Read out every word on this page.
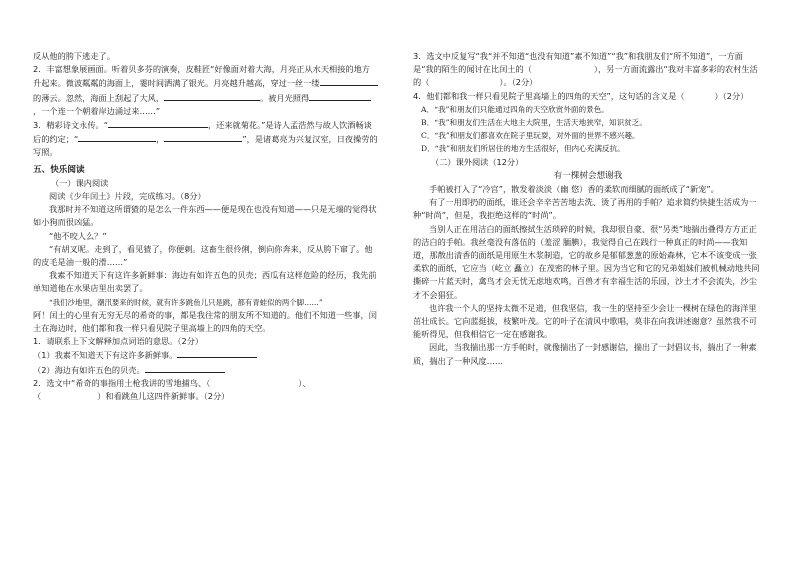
反从他的胯下逃走了。

2．丰富想象展画面。听着贝多芬的演奏，皮鞋匠“好像面对着大海，月亮正从水天相接的地方升起来。微波粼粼的海面上，霎时间洒满了银光。月亮越升越高，穿过一丝一缕的薄云。忽然，海面上刮起了大风，	。被月光照得，一个连一个朝着岸边涌过来……”

3．精彩诗文永传。“	，还来就菊花。”是诗人孟浩然与故人饮酒畅谈后的约定；“	，	”，是诸葛亮为兴复汉室，日夜操劳的写照。

五、快乐阅读

（一）课内阅读

阅读《少年闰土》片段，完成练习。（8分）

我那时并不知道这所谓猹的是怎么一件东西——便是现在也没有知道——只是无端的觉得状如小狗而很凶猛。

“他不咬人么？”

“有胡叉呢。走到了，看见猹了，你便刺。这畜生很伶俐，倒向你奔来，反从胯下窜了。他的皮毛是油一般的滑……”

我素不知道天下有这许多新鲜事：海边有如许五色的贝壳；西瓜有这样危险的经历，我先前单知道他在水果店里出卖罢了。

“我们沙地里，潮汛要来的时候，就有许多跳鱼儿只是跳，都有青蛙似的两个脚……”

阿！闰土的心里有无穷无尽的希奇的事，都是我往常的朋友所不知道的。他们不知道一些事，闰土在海边时，他们都和我一样只看见院子里高墙上的四角的天空。

1．请联系上下文解释加点词语的意思。（2分）

（1）我素不知道天下有这许多新鲜事。

（2）海边有如许五色的贝壳。

2．选文中“希奇的事指用土枪我讲的雪地捕鸟、（	）、
（	）和看跳鱼儿这四件新鲜事。（2分）

3．选文中反复写“我“并不知道“也没有知道”素不知道”“我”和我朋友们“所不知道”，一方面是“我的陌生的闻讨在比闰土的（	），另一方面流露出“我对丰富多彩的农村生活的（	）。（2分）

4．他们都和我一样只看见院子里高墙上的四角的天空”，这句话的含义是（	）（2分）

A．“我”和朋友们只能通过四角的天空欣赏外面的景色。

B．“我”和朋友们生活在大地主大院里，生活天地狭窄，知识贫乏。

C．“我”和朋友们都喜欢在院子里玩耍，对外面的世界不感兴趣。

D．“我”和朋友们所居住的地方生活很好，但内心充满反抗。

（二）课外阅读（12分）

有一棵树会想谢我

手帕被打入了“冷宫”，散发着淡淡（幽 悠）香的柔软而细腻的面纸成了“新宠”。

有了一用即扔的面纸，谁还会辛辛苦苦地去洗、烫了再用的手帕？追求简约快捷生活成为一种“时尚”，但是，我拒绝这样的“时尚”。

当别人正在用洁白的面纸擦拭生活琐碎的时候，我却很自豪、很“另类”地揣出叠得方方正正的洁白的手帕。我丝毫没有落伍的（羞涩 腼腆），我觉得自己在践行一种真正的时尚——我知道，那散出清香的面纸是用原生木浆制造，它的故乡是郁郁葱葱的原始森林，它本不该变成一张柔软的面纸，它应当（屹立 矗立）在茂密的林子里。因为当它和它的兄弟姐妹们被机械动地共同撕碎一片蓝天时，禽鸟才会无忧无虑地欢鸣，百兽才有幸福生活的乐园，沙土才不会流失，沙尘才不会猖狂。

也许我一个人的坚持太微不足道，但我坚信，我一生的坚持至少会让一棵树在绿色的海洋里茁壮成长。它向蓝挺拔，枝繁叶茂。它的叶子在清风中歌唱，莫非在向我讲述谢意？虽然我不可能听得见，但我相信它一定在感谢我。

因此，当我揣出那一方手帕时，就像揣出了一封感谢信，揣出了一封倡议书，揣出了一种素质，揣出了一种风度……
